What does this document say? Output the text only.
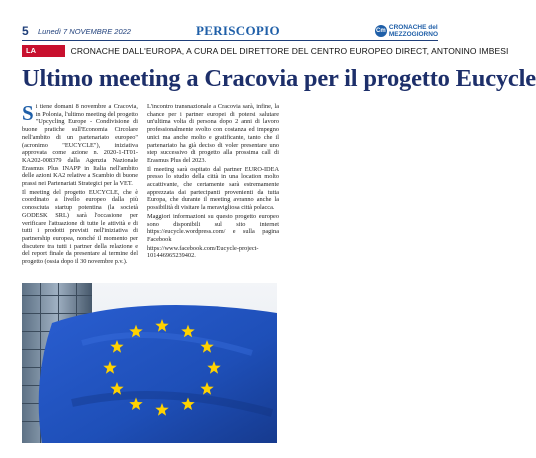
5	Lunedì 7 NOVEMBRE 2022	PERISCOPIO	Cm CRONACHE del
MEZZOGIORNO
LA RUBRICA
CRONACHE DALL'EUROPA, A CURA DEL DIRETTORE DEL CENTRO EUROPEO DIRECT, ANTONINO IMBESI
Ultimo meeting a Cracovia per il progetto Eucycle

Si tiene domani 8 novembre a Cracovia, in Polonia, l'ultimo meeting del progetto "Upcycling Europe - Condivisione di buone pratiche sull'Economia Circolare nell'ambito di un partenariato europeo" (acronimo "EUCYCLE"), iniziativa approvata come azione n. 2020-1-IT01-KA202-008379 dalla Agenzia Nazionale Erasmus Plus INAPP in Italia nell'ambito delle azioni KA2 relative a Scambio di buone prassi nei Partenariati Strategici per la VET.

Il meeting del progetto EUCYCLE, che è coordinato a livello europeo dalla più conosciuta startup potentina (la società GODESK SRL) sarà l'occasione per verificare l'attuazione di tutte le attività e di tutti i prodotti previsti nell'iniziativa di partnership europea, nonché il momento per discutere tra tutti i partner della relazione e del report finale da presentare al termine del progetto (ossia dopo il 30 novembre p.v.).

L'incontro transnazionale a Cracovia sarà, infine, la chance per i partner europei di potersi salutare un'ultima volta di persona dopo 2 anni di lavoro professionalmente svolto con costanza ed impegno unici ma anche molto e gratificante, tanto che il partenariato ha già deciso di voler presentare uno step successivo di progetto alla prossima call di Erasmus Plus del 2023.

Il meeting sarà ospitato dal partner EURO-IDEA presso lo studio della città in una location molto accattivante, che certamente sarà estremamente apprezzata dai partecipanti provenienti da tutta Europa, che durante il meeting avranno anche la possibilità di visitare la meravigliosa città polacca.

Maggiori informazioni su questo progetto europeo sono disponibili sul sito internet https://eucycle.wordpress.com/ e sulla pagina Facebook

https://www.facebook.com/Eucycle-project-101446965239402.
